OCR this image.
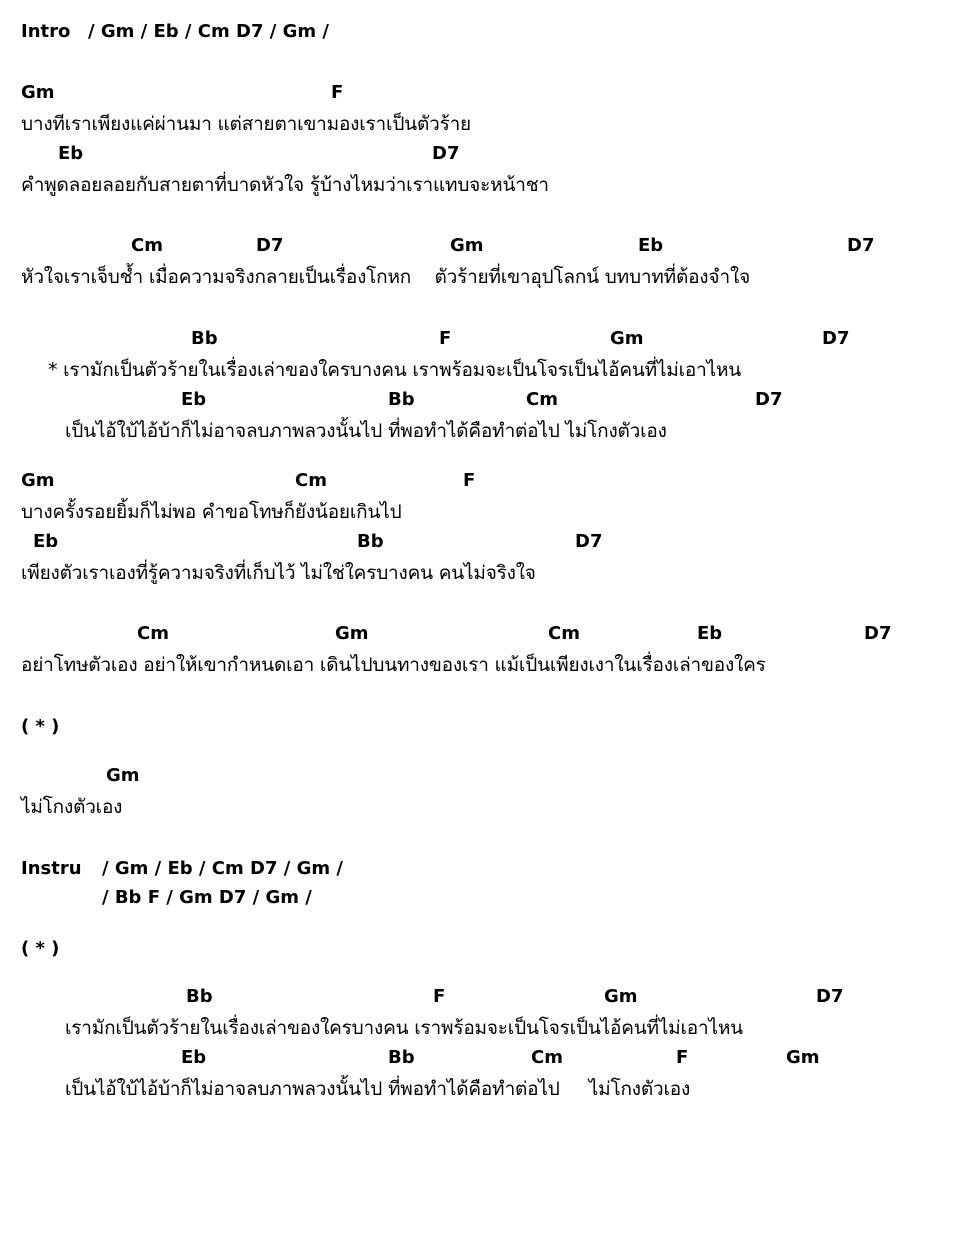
Intro

/ Gm / Eb / Cm D7 / Gm /

Gm

	F

บางทีเราเพียงแค่ผ่านมา แต่สายตาเขามองเราเป็นตัวร้าย

Eb

	D7

คำพูดลอยลอยกับสายตาที่บาดหัวใจ รู้บ้างไหมว่าเราแทบจะหน้าชา

Cm

	D7

	Gm

	Eb

	D7

หัวใจเราเจ็บช้ำ เมื่อความจริงกลายเป็นเรื่องโกหก    ตัวร้ายที่เขาอุปโลกน์ บทบาทที่ต้องจำใจ

Bb

	F

	Gm

	D7

* เรามักเป็นตัวร้ายในเรื่องเล่าของใครบางคน เราพร้อมจะเป็นโจรเป็นไอ้คนที่ไม่เอาไหน

Eb

	Bb

	Cm

	D7

เป็นไอ้ใบ้ไอ้บ้าก็ไม่อาจลบภาพลวงนั้นไป ที่พอทำได้คือทำต่อไป ไม่โกงตัวเอง

Gm

	Cm

	F

บางครั้งรอยยิ้มก็ไม่พอ คำขอโทษก็ยังน้อยเกินไป

Eb

	Bb

	D7

เพียงตัวเราเองที่รู้ความจริงที่เก็บไว้ ไม่ใช่ใครบางคน คนไม่จริงใจ

Cm

	Gm

	Cm

	Eb

	D7

อย่าโทษตัวเอง อย่าให้เขากำหนดเอา เดินไปบนทางของเรา แม้เป็นเพียงเงาในเรื่องเล่าของใคร

( * )

Gm

ไม่โกงตัวเอง

Instru

/ Gm / Eb / Cm D7 / Gm /

/ Bb F / Gm D7 / Gm /

( * )

Bb

	F

	Gm

	D7

เรามักเป็นตัวร้ายในเรื่องเล่าของใครบางคน เราพร้อมจะเป็นโจรเป็นไอ้คนที่ไม่เอาไหน

Eb

	Bb

	Cm

	F

	Gm

เป็นไอ้ใบ้ไอ้บ้าก็ไม่อาจลบภาพลวงนั้นไป ที่พอทำได้คือทำต่อไป     ไม่โกงตัวเอง
